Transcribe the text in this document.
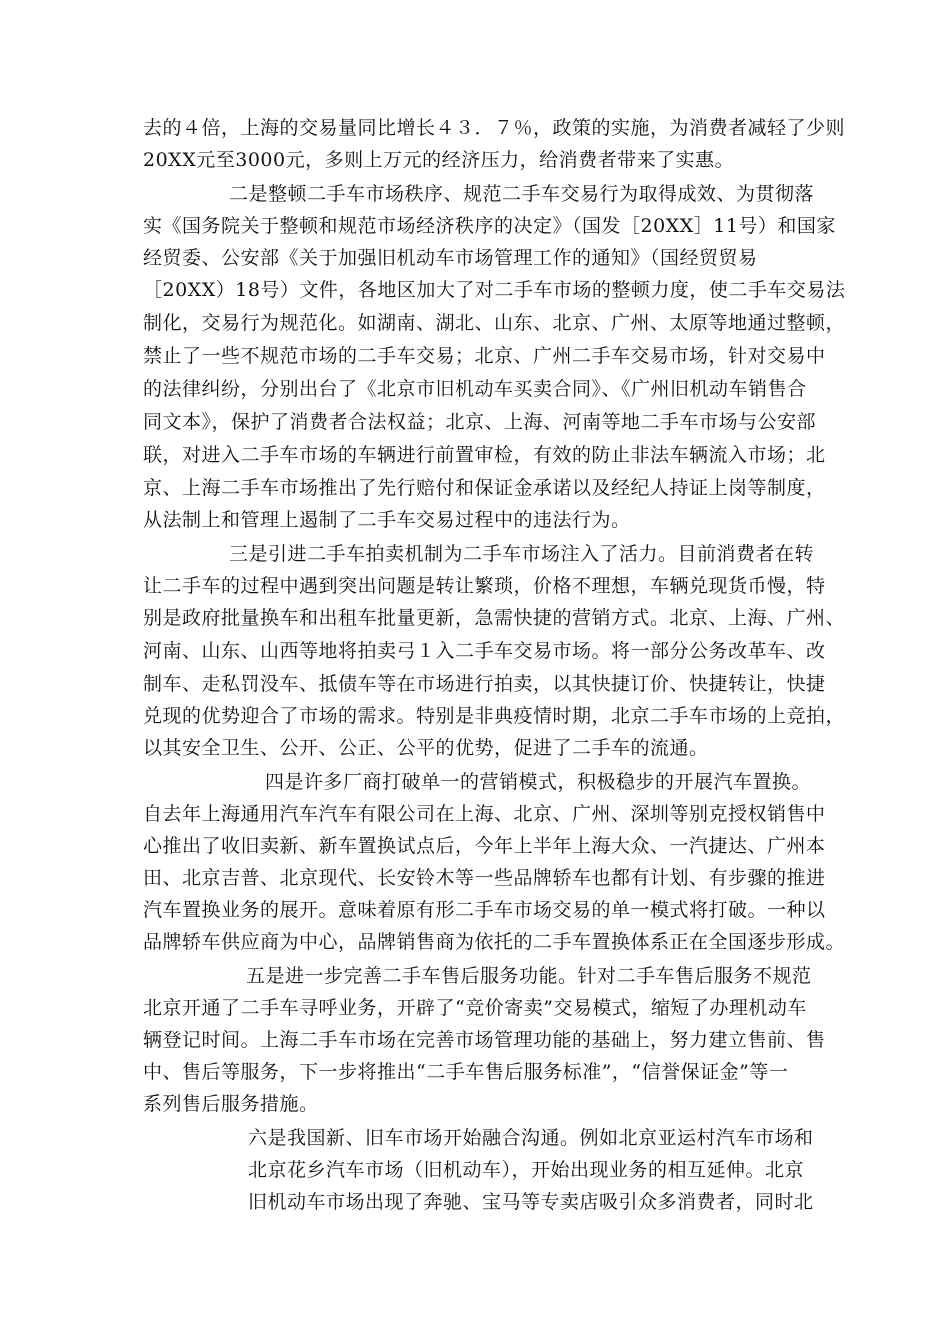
去的４倍，上海的交易量同比增长４３．７％，政策的实施，为消费者减轻了少则
20XX元至3000元，多则上万元的经济压力，给消费者带来了实惠。
二是整顿二手车市场秩序、规范二手车交易行为取得成效、为贯彻落
实《国务院关于整顿和规范市场经济秩序的决定》（国发［20XX］11号）和国家
经贸委、公安部《关于加强旧机动车市场管理工作的通知》（国经贸贸易
［20XX）18号）文件，各地区加大了对二手车市场的整顿力度，使二手车交易法
制化，交易行为规范化。如湖南、湖北、山东、北京、广州、太原等地通过整顿，
禁止了一些不规范市场的二手车交易；北京、广州二手车交易市场，针对交易中
的法律纠纷，分别出台了《北京市旧机动车买卖合同》、《广州旧机动车销售合
同文本》，保护了消费者合法权益；北京、上海、河南等地二手车市场与公安部
联，对进入二手车市场的车辆进行前置审检，有效的防止非法车辆流入市场；北
京、上海二手车市场推出了先行赔付和保证金承诺以及经纪人持证上岗等制度，
从法制上和管理上遏制了二手车交易过程中的违法行为。
三是引进二手车拍卖机制为二手车市场注入了活力。目前消费者在转
让二手车的过程中遇到突出问题是转让繁琐，价格不理想，车辆兑现货币慢，特
别是政府批量换车和出租车批量更新，急需快捷的营销方式。北京、上海、广州、
河南、山东、山西等地将拍卖弓１入二手车交易市场。将一部分公务改革车、改
制车、走私罚没车、抵债车等在市场进行拍卖，以其快捷订价、快捷转让，快捷
兑现的优势迎合了市场的需求。特别是非典疫情时期，北京二手车市场的上竞拍，
以其安全卫生、公开、公正、公平的优势，促进了二手车的流通。
四是许多厂商打破单一的营销模式，积极稳步的开展汽车置换。
自去年上海通用汽车汽车有限公司在上海、北京、广州、深圳等别克授权销售中
心推出了收旧卖新、新车置换试点后，今年上半年上海大众、一汽捷达、广州本
田、北京吉普、北京现代、长安铃木等一些品牌轿车也都有计划、有步骤的推进
汽车置换业务的展开。意味着原有形二手车市场交易的单一模式将打破。一种以
品牌轿车供应商为中心，品牌销售商为依托的二手车置换体系正在全国逐步形成。
五是进一步完善二手车售后服务功能。针对二手车售后服务不规范
北京开通了二手车寻呼业务，开辟了“竞价寄卖”交易模式，缩短了办理机动车
辆登记时间。上海二手车市场在完善市场管理功能的基础上，努力建立售前、售
中、售后等服务，下一步将推出“二手车售后服务标准”，“信誉保证金”等一
系列售后服务措施。
六是我国新、旧车市场开始融合沟通。例如北京亚运村汽车市场和
北京花乡汽车市场（旧机动车），开始出现业务的相互延伸。北京
旧机动车市场出现了奔驰、宝马等专卖店吸引众多消费者，同时北
